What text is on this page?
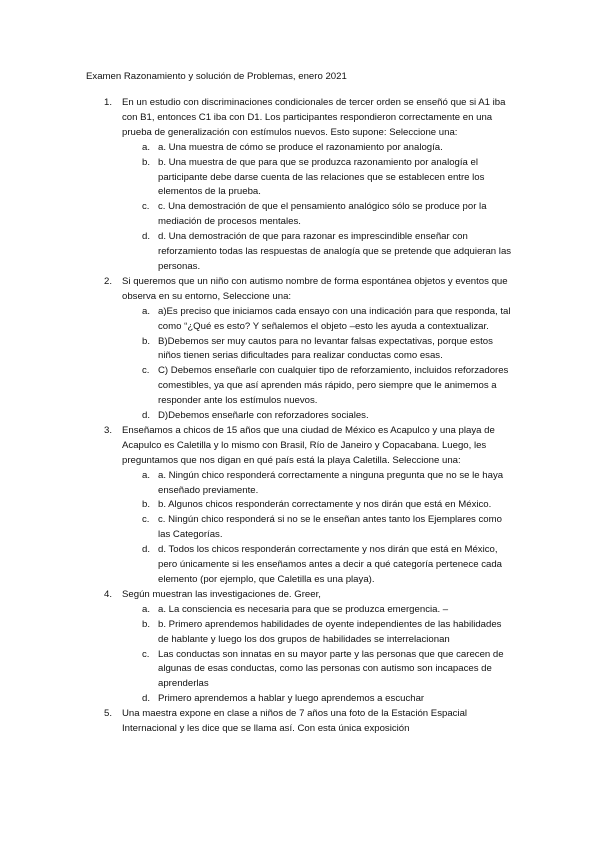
Examen Razonamiento y solución de Problemas, enero 2021
1. En un estudio con discriminaciones condicionales de tercer orden se enseñó que si A1 iba con B1, entonces C1 iba con D1. Los participantes respondieron correctamente en una prueba de generalización con estímulos nuevos. Esto supone: Seleccione una:
a. a. Una muestra de cómo se produce el razonamiento por analogía.
b. b. Una muestra de que para que se produzca razonamiento por analogía el participante debe darse cuenta de las relaciones que se establecen entre los elementos de la prueba.
c. c. Una demostración de que el pensamiento analógico sólo se produce por la mediación de procesos mentales.
d. d. Una demostración de que para razonar es imprescindible enseñar con reforzamiento todas las respuestas de analogía que se pretende que adquieran las personas.
2. Si queremos que un niño con autismo nombre de forma espontánea objetos y eventos que observa en su entorno, Seleccione una:
a. a)Es preciso que iniciamos cada ensayo con una indicación para que responda, tal como “¿Qué es esto? Y señalemos el objeto –esto les ayuda a contextualizar.
b. B)Debemos ser muy cautos para no levantar falsas expectativas, porque estos niños tienen serias dificultades para realizar conductas como esas.
c. C) Debemos enseñarle con cualquier tipo de reforzamiento, incluidos reforzadores comestibles, ya que así aprenden más rápido, pero siempre que le animemos a responder ante los estímulos nuevos.
d. D)Debemos enseñarle con reforzadores sociales.
3. Enseñamos a chicos de 15 años que una ciudad de México es Acapulco y una playa de Acapulco es Caletilla y lo mismo con Brasil, Río de Janeiro y Copacabana. Luego, les preguntamos que nos digan en qué país está la playa Caletilla. Seleccione una:
a. a. Ningún chico responderá correctamente a ninguna pregunta que no se le haya enseñado previamente.
b. b. Algunos chicos responderán correctamente y nos dirán que está en México.
c. c. Ningún chico responderá si no se le enseñan antes tanto los Ejemplares como las Categorías.
d. d. Todos los chicos responderán correctamente y nos dirán que está en México, pero únicamente si les enseñamos antes a decir a qué categoría pertenece cada elemento (por ejemplo, que Caletilla es una playa).
4. Según muestran las investigaciones de. Greer,
a. a. La consciencia es necesaria para que se produzca emergencia. –
b. b. Primero aprendemos habilidades de oyente independientes de las habilidades de hablante y luego los dos grupos de habilidades se interrelacionan
c. Las conductas son innatas en su mayor parte y las personas que que carecen de algunas de esas conductas, como las personas con autismo son incapaces de aprenderlas
d. Primero aprendemos a hablar y luego aprendemos a escuchar
5. Una maestra expone en clase a niños de 7 años una foto de la Estación Espacial Internacional y les dice que se llama así. Con esta única exposición
